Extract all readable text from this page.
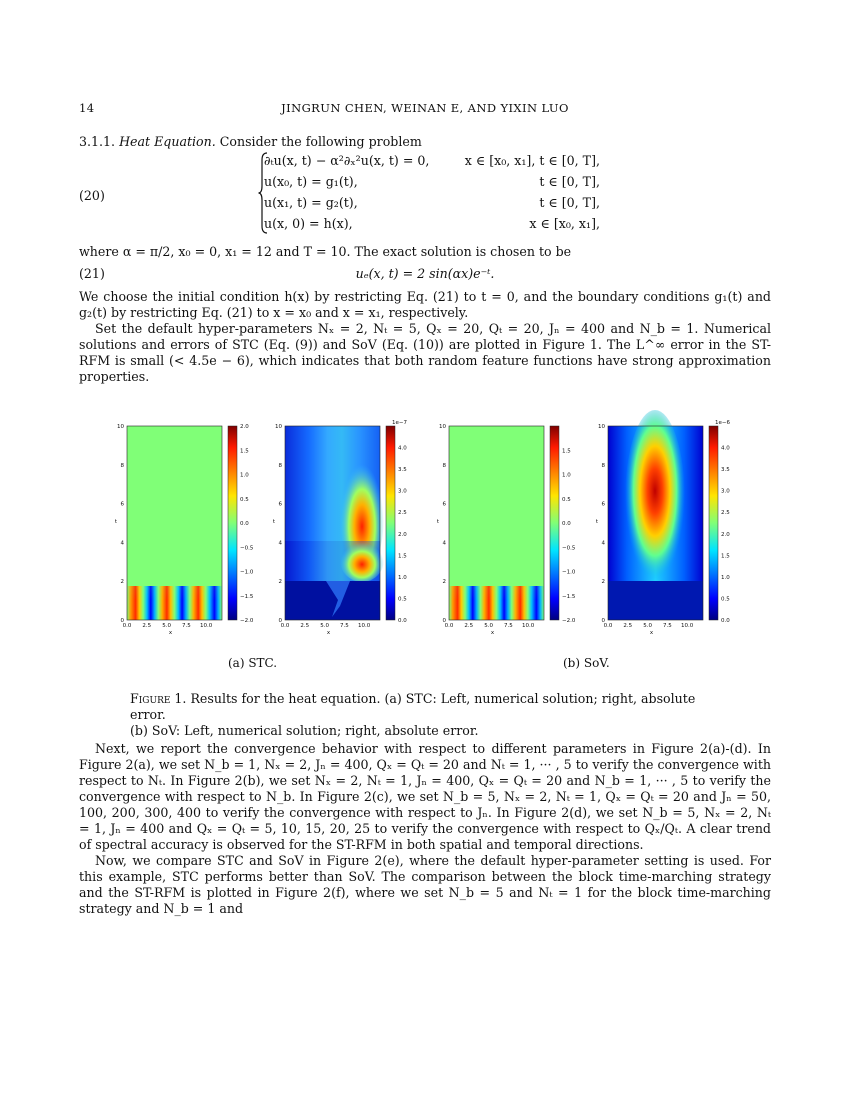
14	JINGRUN CHEN, WEINAN E, AND YIXIN LUO
3.1.1. Heat Equation. Consider the following problem
(20)
∂ₜu(x, t) − α²∂ₓ²u(x, t) = 0,	x ∈ [x₀, x₁], t ∈ [0, T],
u(x₀, t) = g₁(t),	t ∈ [0, T],
u(x₁, t) = g₂(t),	t ∈ [0, T],
u(x, 0) = h(x),	x ∈ [x₀, x₁],
where α = π/2, x₀ = 0, x₁ = 12 and T = 10. The exact solution is chosen to be
(21)	uₑ(x, t) = 2 sin(αx)e⁻ᵗ.
We choose the initial condition h(x) by restricting Eq. (21) to t = 0, and the boundary conditions g₁(t) and g₂(t) by restricting Eq. (21) to x = x₀ and x = x₁, respectively.
Set the default hyper-parameters Nₓ = 2, Nₜ = 5, Qₓ = 20, Qₜ = 20, Jₙ = 400 and N_b = 1. Numerical solutions and errors of STC (Eq. (9)) and SoV (Eq. (10)) are plotted in Figure 1. The L^∞ error in the ST-RFM is small (< 4.5e − 6), which indicates that both random feature functions have strong approximation properties.
0.0 2.5 5.0 7.5 10.0
x
0
2
4
6
8
10
t
0.0 2.5 5.0 7.5 10.0
x
0
2
4
6
8
10
t
0.0 2.5 5.0 7.5 10.0
x
0
2
4
6
8
10
t
0.0 2.5 5.0 7.5 10.0
x
0
2
4
6
8
10
t
2.0
1.5
1.0
0.5
0.0
−0.5
−1.0
−1.5
−2.0
4.0
3.5
3.0
2.5
2.0
1.5
1.0
0.5
0.0
1e−7
1.5
1.0
0.5
0.0
−0.5
−1.0
−1.5
−2.0
4.0
3.5
3.0
2.5
2.0
1.5
1.0
0.5
0.0
1e−6
(a) STC.	(b) SoV.
Figure 1. Results for the heat equation. (a) STC: Left, numerical solution; right, absolute error.
(b) SoV: Left, numerical solution; right, absolute error.
Next, we report the convergence behavior with respect to different parameters in Figure 2(a)-(d). In Figure 2(a), we set N_b = 1, Nₓ = 2, Jₙ = 400, Qₓ = Qₜ = 20 and Nₜ = 1, ··· , 5 to verify the convergence with respect to Nₜ. In Figure 2(b), we set Nₓ = 2, Nₜ = 1, Jₙ = 400, Qₓ = Qₜ = 20 and N_b = 1, ··· , 5 to verify the convergence with respect to N_b. In Figure 2(c), we set N_b = 5, Nₓ = 2, Nₜ = 1, Qₓ = Qₜ = 20 and Jₙ = 50, 100, 200, 300, 400 to verify the convergence with respect to Jₙ. In Figure 2(d), we set N_b = 5, Nₓ = 2, Nₜ = 1, Jₙ = 400 and Qₓ = Qₜ = 5, 10, 15, 20, 25 to verify the convergence with respect to Qₓ/Qₜ. A clear trend of spectral accuracy is observed for the ST-RFM in both spatial and temporal directions.
Now, we compare STC and SoV in Figure 2(e), where the default hyper-parameter setting is used. For this example, STC performs better than SoV. The comparison between the block time-marching strategy and the ST-RFM is plotted in Figure 2(f), where we set N_b = 5 and Nₜ = 1 for the block time-marching strategy and N_b = 1 and
